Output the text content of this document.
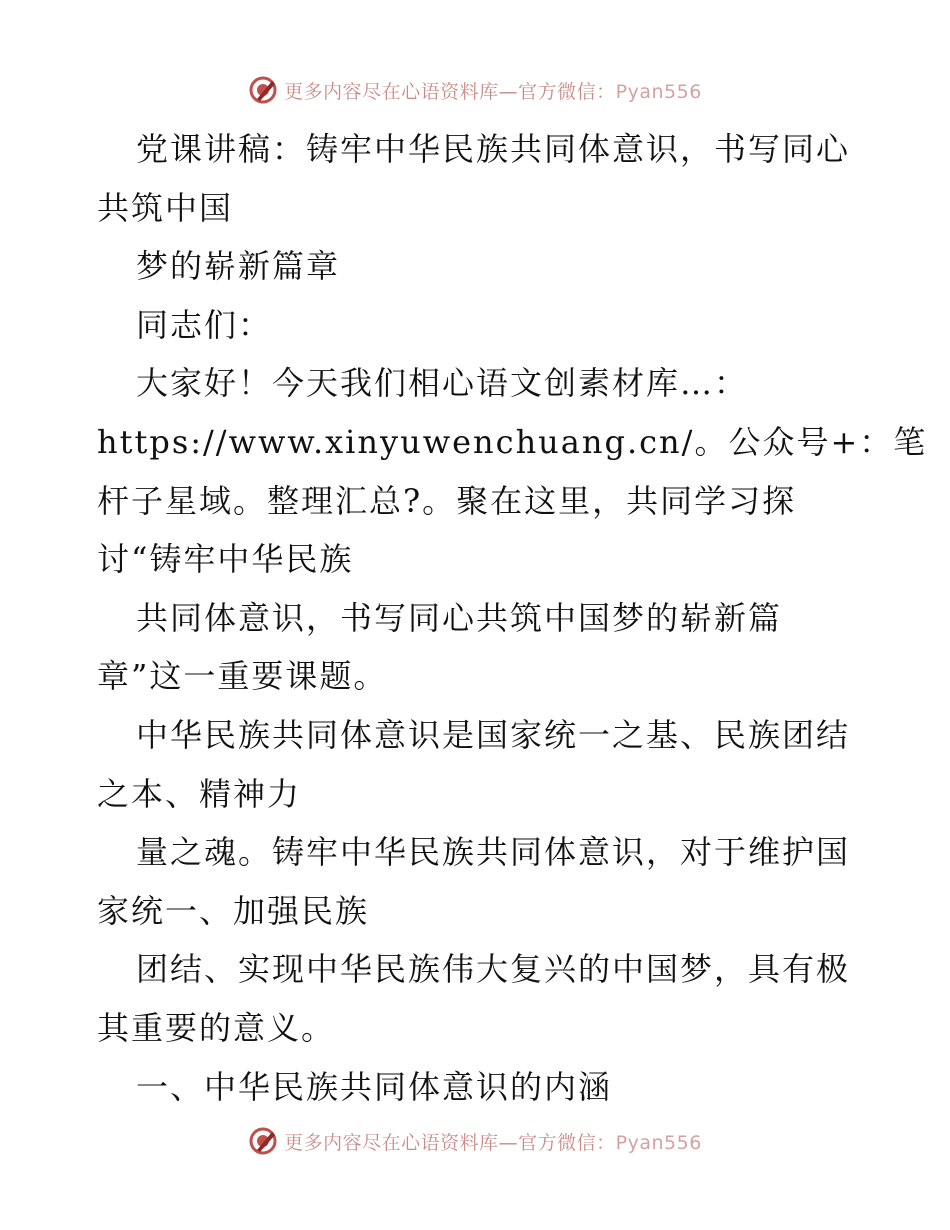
更多内容尽在心语资料库—官方微信：Pyan556
党课讲稿：铸牢中华民族共同体意识，书写同心
共筑中国
梦的崭新篇章
同志们：
大家好！今天我们相心语文创素材库…：
https://www.xinyuwenchuang.cn/。公众号+：笔
杆子星域。整理汇总?。聚在这里，共同学习探
讨“铸牢中华民族
共同体意识，书写同心共筑中国梦的崭新篇
章”这一重要课题。
中华民族共同体意识是国家统一之基、民族团结
之本、精神力
量之魂。铸牢中华民族共同体意识，对于维护国
家统一、加强民族
团结、实现中华民族伟大复兴的中国梦，具有极
其重要的意义。
一、中华民族共同体意识的内涵
更多内容尽在心语资料库—官方微信：Pyan556
